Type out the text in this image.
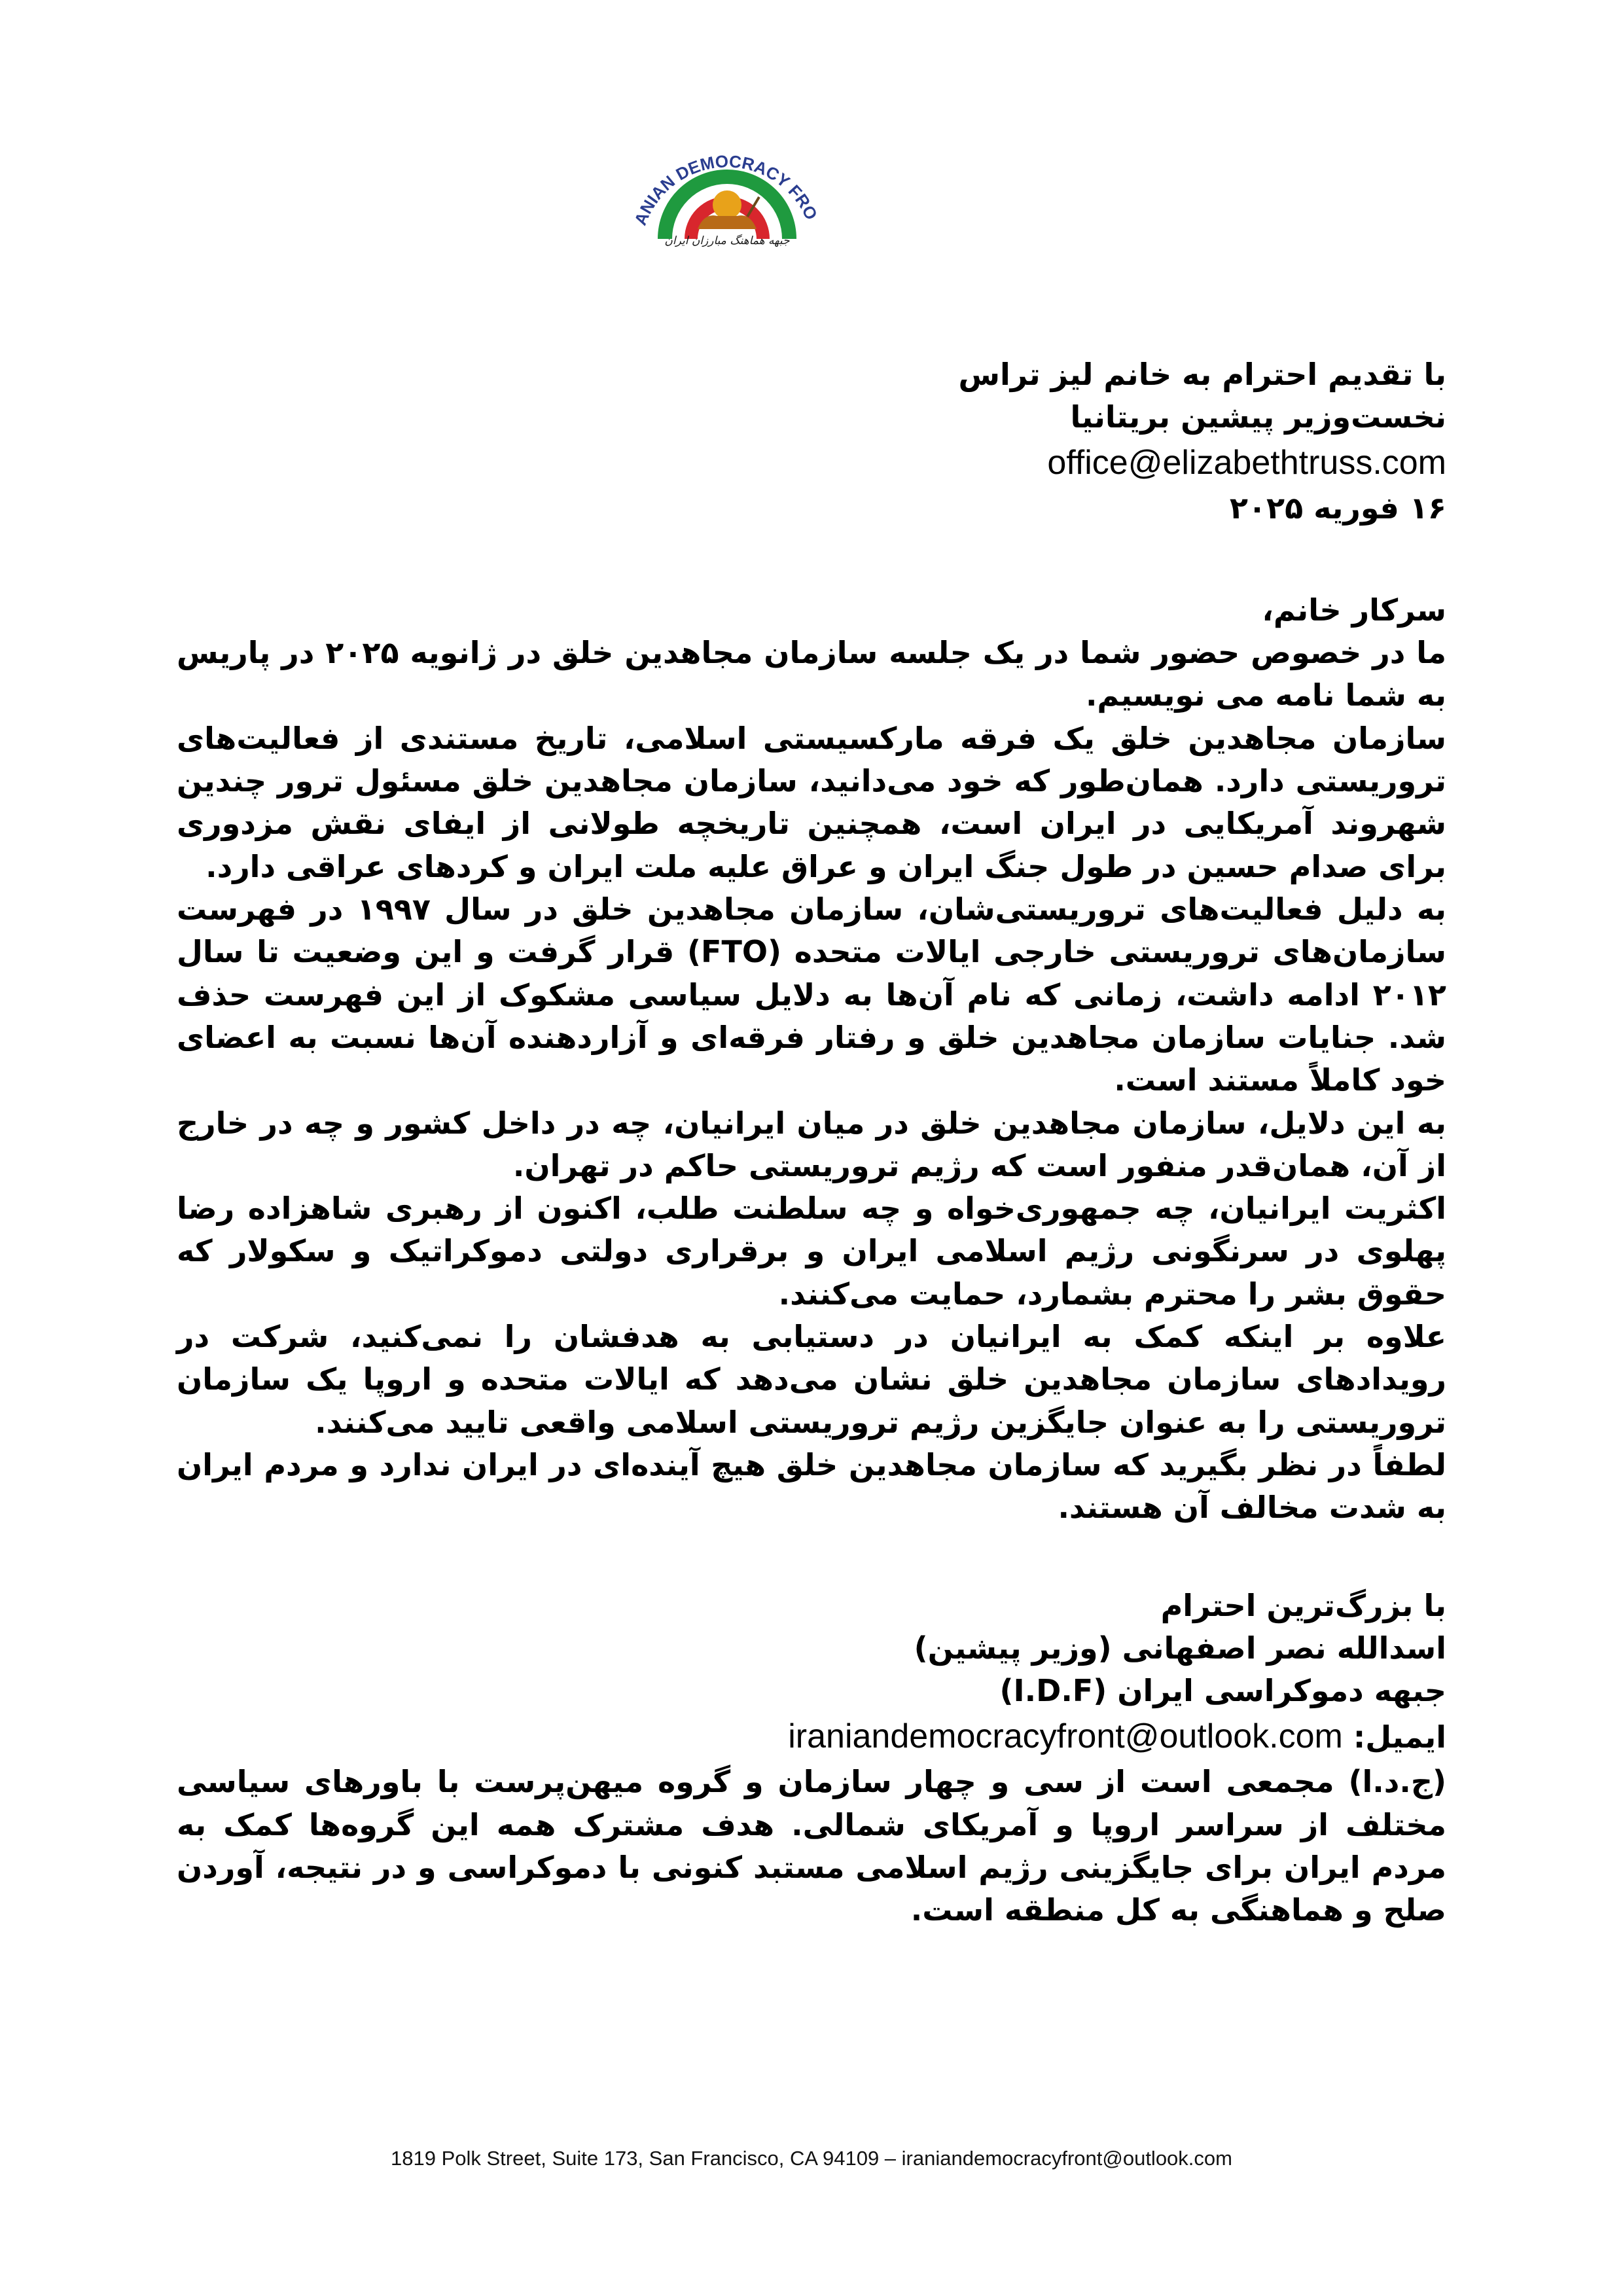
ANIAN DEMOCRACY FRO
جبهه هماهنگ مبارزان ایران

با تقدیم احترام به خانم لیز تراس

نخست‌وزیر پیشین بریتانیا

office@elizabethtruss.com

۱۶ فوریه ۲۰۲۵

سرکار خانم،

ما در خصوص حضور شما در یک جلسه سازمان مجاهدین خلق در ژانویه ۲۰۲۵ در پاریس به شما نامه می نویسیم.

سازمان مجاهدین خلق یک فرقه مارکسیستی اسلامی، تاریخ مستندی از فعالیت‌های تروریستی دارد. همان‌طور که خود می‌دانید، سازمان مجاهدین خلق مسئول ترور چندین شهروند آمریکایی در ایران است، همچنین تاریخچه طولانی از ایفای نقش مزدوری برای صدام حسین در طول جنگ ایران و عراق علیه ملت ایران و کردهای عراقی دارد.

به دلیل فعالیت‌های تروریستی‌شان، سازمان مجاهدین خلق در سال ۱۹۹۷ در فهرست سازمان‌های تروریستی خارجی ایالات متحده (FTO) قرار گرفت و این وضعیت تا سال ۲۰۱۲ ادامه داشت، زمانی که نام آن‌ها به دلایل سیاسی مشکوک از این فهرست حذف شد. جنایات سازمان مجاهدین خلق و رفتار فرقه‌ای و آزاردهنده آن‌ها نسبت به اعضای خود کاملاً مستند است.

به این دلایل، سازمان مجاهدین خلق در میان ایرانیان، چه در داخل کشور و چه در خارج از آن، همان‌قدر منفور است که رژیم تروریستی حاکم در تهران.

اکثریت ایرانیان، چه جمهوری‌خواه و چه سلطنت طلب، اکنون از رهبری شاهزاده رضا پهلوی در سرنگونی رژیم اسلامی ایران و برقراری دولتی دموکراتیک و سکولار که حقوق بشر را محترم بشمارد، حمایت می‌کنند.

علاوه بر اینکه کمک به ایرانیان در دستیابی به هدفشان را نمی‌کنید، شرکت در رویدادهای سازمان مجاهدین خلق نشان می‌دهد که ایالات متحده و اروپا یک سازمان تروریستی را به عنوان جایگزین رژیم تروریستی اسلامی واقعی تایید می‌کنند.

لطفاً در نظر بگیرید که سازمان مجاهدین خلق هیچ آینده‌ای در ایران ندارد و مردم ایران به شدت مخالف آن هستند.

با بزرگ‌ترین احترام

اسدالله نصر اصفهانی (وزیر پیشین)

جبهه دموکراسی ایران (I.D.F)

ایمیل: iraniandemocracyfront@outlook.com

(ج.د.ا) مجمعی است از سی و چهار سازمان و گروه میهن‌پرست با باورهای سیاسی مختلف از سراسر اروپا و آمریکای شمالی. هدف مشترک همه این گروه‌ها کمک به مردم ایران برای جایگزینی رژیم اسلامی مستبد کنونی با دموکراسی و در نتیجه، آوردن صلح و هماهنگی به کل منطقه است.

1819 Polk Street, Suite 173, San Francisco, CA 94109 – iraniandemocracyfront@outlook.com
